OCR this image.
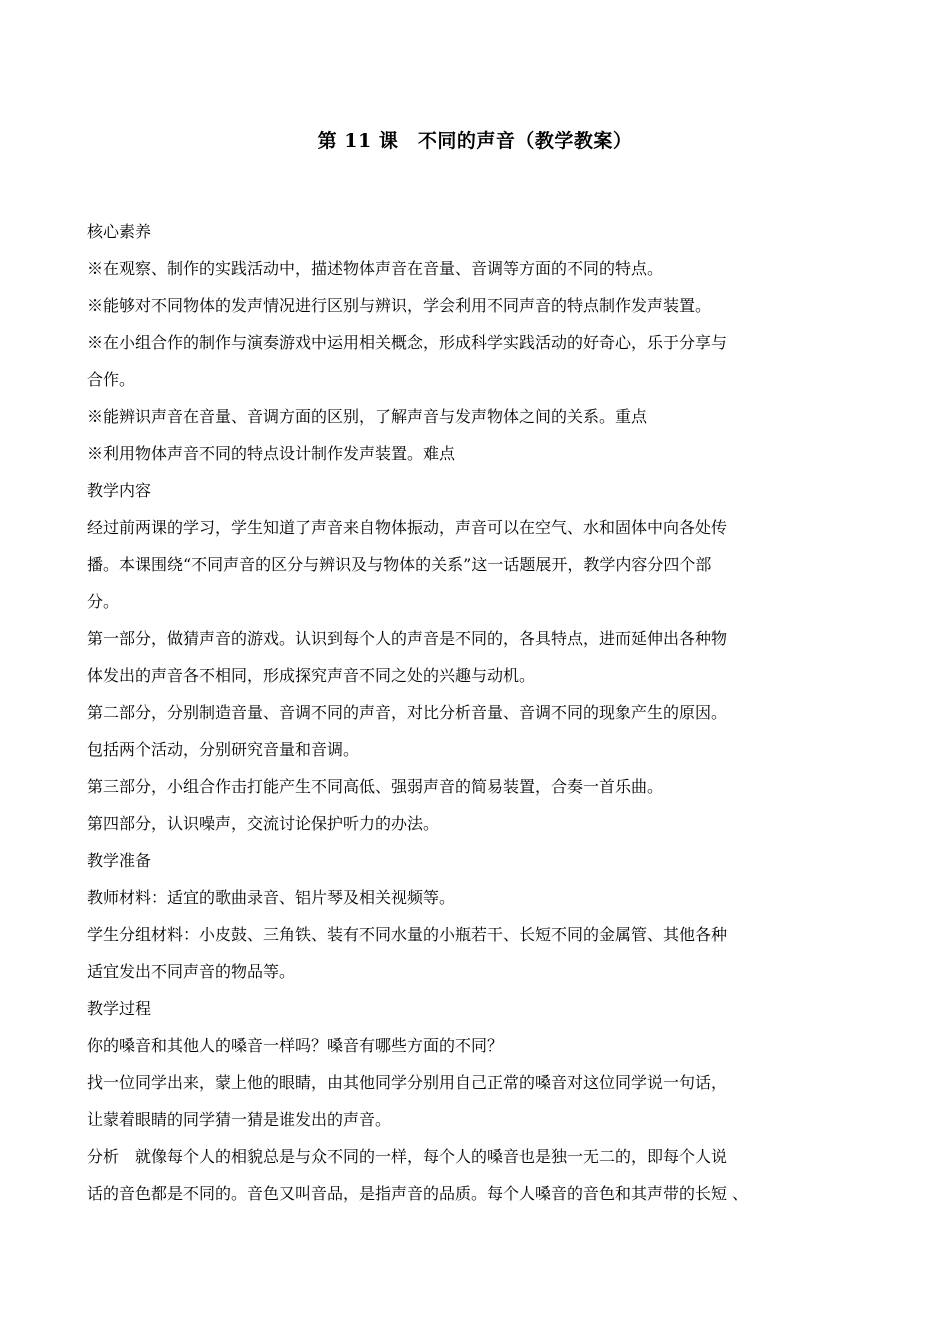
第 11 课　不同的声音（教学教案）
核心素养
※在观察、制作的实践活动中，描述物体声音在音量、音调等方面的不同的特点。
※能够对不同物体的发声情况进行区别与辨识，学会利用不同声音的特点制作发声装置。
※在小组合作的制作与演奏游戏中运用相关概念，形成科学实践活动的好奇心，乐于分享与
合作。
※能辨识声音在音量、音调方面的区别，了解声音与发声物体之间的关系。重点
※利用物体声音不同的特点设计制作发声装置。难点
教学内容
经过前两课的学习，学生知道了声音来自物体振动，声音可以在空气、水和固体中向各处传
播。本课围绕“不同声音的区分与辨识及与物体的关系”这一话题展开，教学内容分四个部
分。
第一部分，做猜声音的游戏。认识到每个人的声音是不同的，各具特点，进而延伸出各种物
体发出的声音各不相同，形成探究声音不同之处的兴趣与动机。
第二部分，分别制造音量、音调不同的声音，对比分析音量、音调不同的现象产生的原因。
包括两个活动，分别研究音量和音调。
第三部分，小组合作击打能产生不同高低、强弱声音的简易装置，合奏一首乐曲。
第四部分，认识噪声，交流讨论保护听力的办法。
教学准备
教师材料：适宜的歌曲录音、铝片琴及相关视频等。
学生分组材料：小皮鼓、三角铁、装有不同水量的小瓶若干、长短不同的金属管、其他各种
适宜发出不同声音的物品等。
教学过程
你的嗓音和其他人的嗓音一样吗？嗓音有哪些方面的不同？
找一位同学出来，蒙上他的眼睛，由其他同学分别用自己正常的嗓音对这位同学说一句话，
让蒙着眼睛的同学猜一猜是谁发出的声音。
分析　就像每个人的相貌总是与众不同的一样，每个人的嗓音也是独一无二的，即每个人说
话的音色都是不同的。音色又叫音品，是指声音的品质。每个人嗓音的音色和其声带的长短 、
